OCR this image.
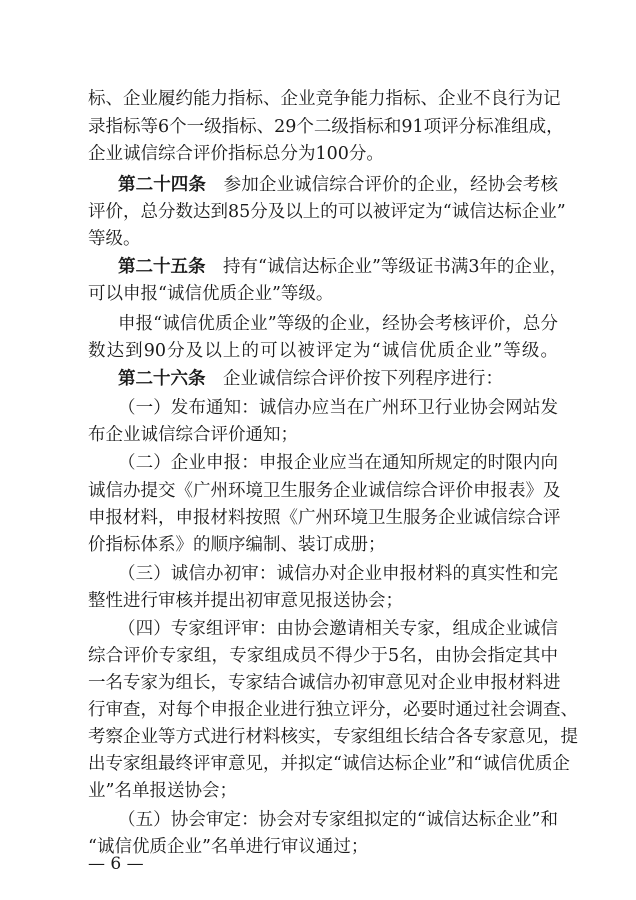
标、企业履约能力指标、企业竞争能力指标、企业不良行为记
录指标等6个一级指标、29个二级指标和91项评分标准组成，
企业诚信综合评价指标总分为100分。
第二十四条　参加企业诚信综合评价的企业，经协会考核
评价，总分数达到85分及以上的可以被评定为“诚信达标企业”
等级。
第二十五条　持有“诚信达标企业”等级证书满3年的企业，
可以申报“诚信优质企业”等级。
申报“诚信优质企业”等级的企业，经协会考核评价，总分
数达到90分及以上的可以被评定为“诚信优质企业”等级。
第二十六条　企业诚信综合评价按下列程序进行：
（一）发布通知：诚信办应当在广州环卫行业协会网站发
布企业诚信综合评价通知；
（二）企业申报：申报企业应当在通知所规定的时限内向
诚信办提交《广州环境卫生服务企业诚信综合评价申报表》及
申报材料，申报材料按照《广州环境卫生服务企业诚信综合评
价指标体系》的顺序编制、装订成册；
（三）诚信办初审：诚信办对企业申报材料的真实性和完
整性进行审核并提出初审意见报送协会；
（四）专家组评审：由协会邀请相关专家，组成企业诚信
综合评价专家组，专家组成员不得少于5名，由协会指定其中
一名专家为组长，专家结合诚信办初审意见对企业申报材料进
行审查，对每个申报企业进行独立评分，必要时通过社会调查、
考察企业等方式进行材料核实，专家组组长结合各专家意见，提
出专家组最终评审意见，并拟定“诚信达标企业”和“诚信优质企
业”名单报送协会；
（五）协会审定：协会对专家组拟定的“诚信达标企业”和
“诚信优质企业”名单进行审议通过；
— 6 —
